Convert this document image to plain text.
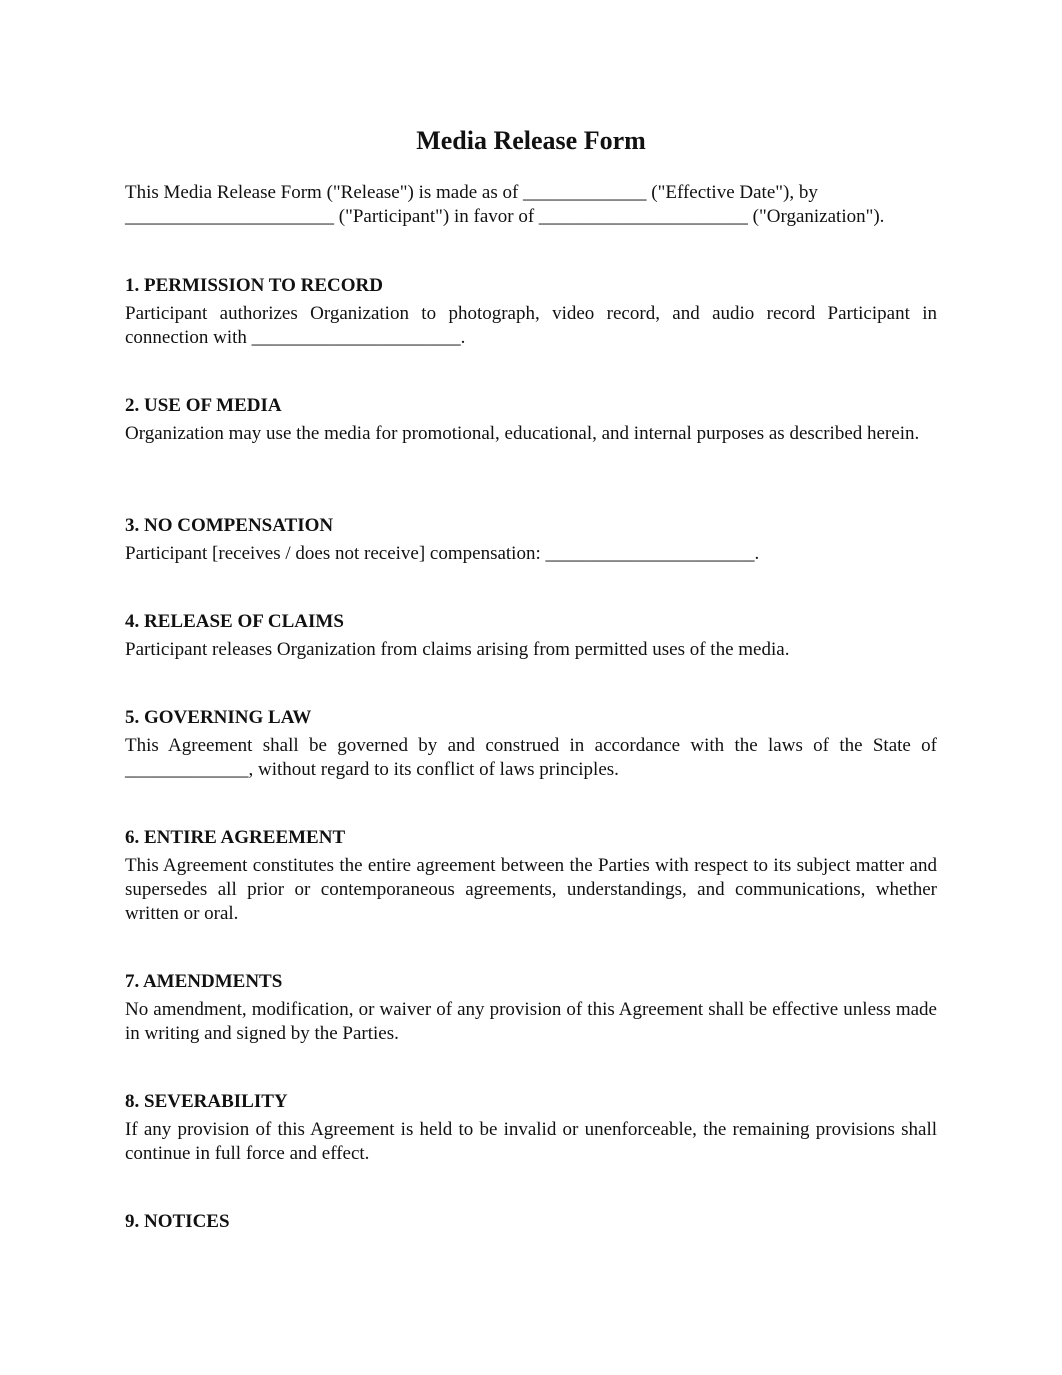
Media Release Form
This Media Release Form ("Release") is made as of _____________ ("Effective Date"), by
______________________ ("Participant") in favor of ______________________ ("Organization").
1. PERMISSION TO RECORD
Participant authorizes Organization to photograph, video record, and audio record Participant in connection with ______________________.
2. USE OF MEDIA
Organization may use the media for promotional, educational, and internal purposes as described herein.
3. NO COMPENSATION
Participant [receives / does not receive] compensation: ______________________.
4. RELEASE OF CLAIMS
Participant releases Organization from claims arising from permitted uses of the media.
5. GOVERNING LAW
This Agreement shall be governed by and construed in accordance with the laws of the State of _____________, without regard to its conflict of laws principles.
6. ENTIRE AGREEMENT
This Agreement constitutes the entire agreement between the Parties with respect to its subject matter and supersedes all prior or contemporaneous agreements, understandings, and communications, whether written or oral.
7. AMENDMENTS
No amendment, modification, or waiver of any provision of this Agreement shall be effective unless made in writing and signed by the Parties.
8. SEVERABILITY
If any provision of this Agreement is held to be invalid or unenforceable, the remaining provisions shall continue in full force and effect.
9. NOTICES
